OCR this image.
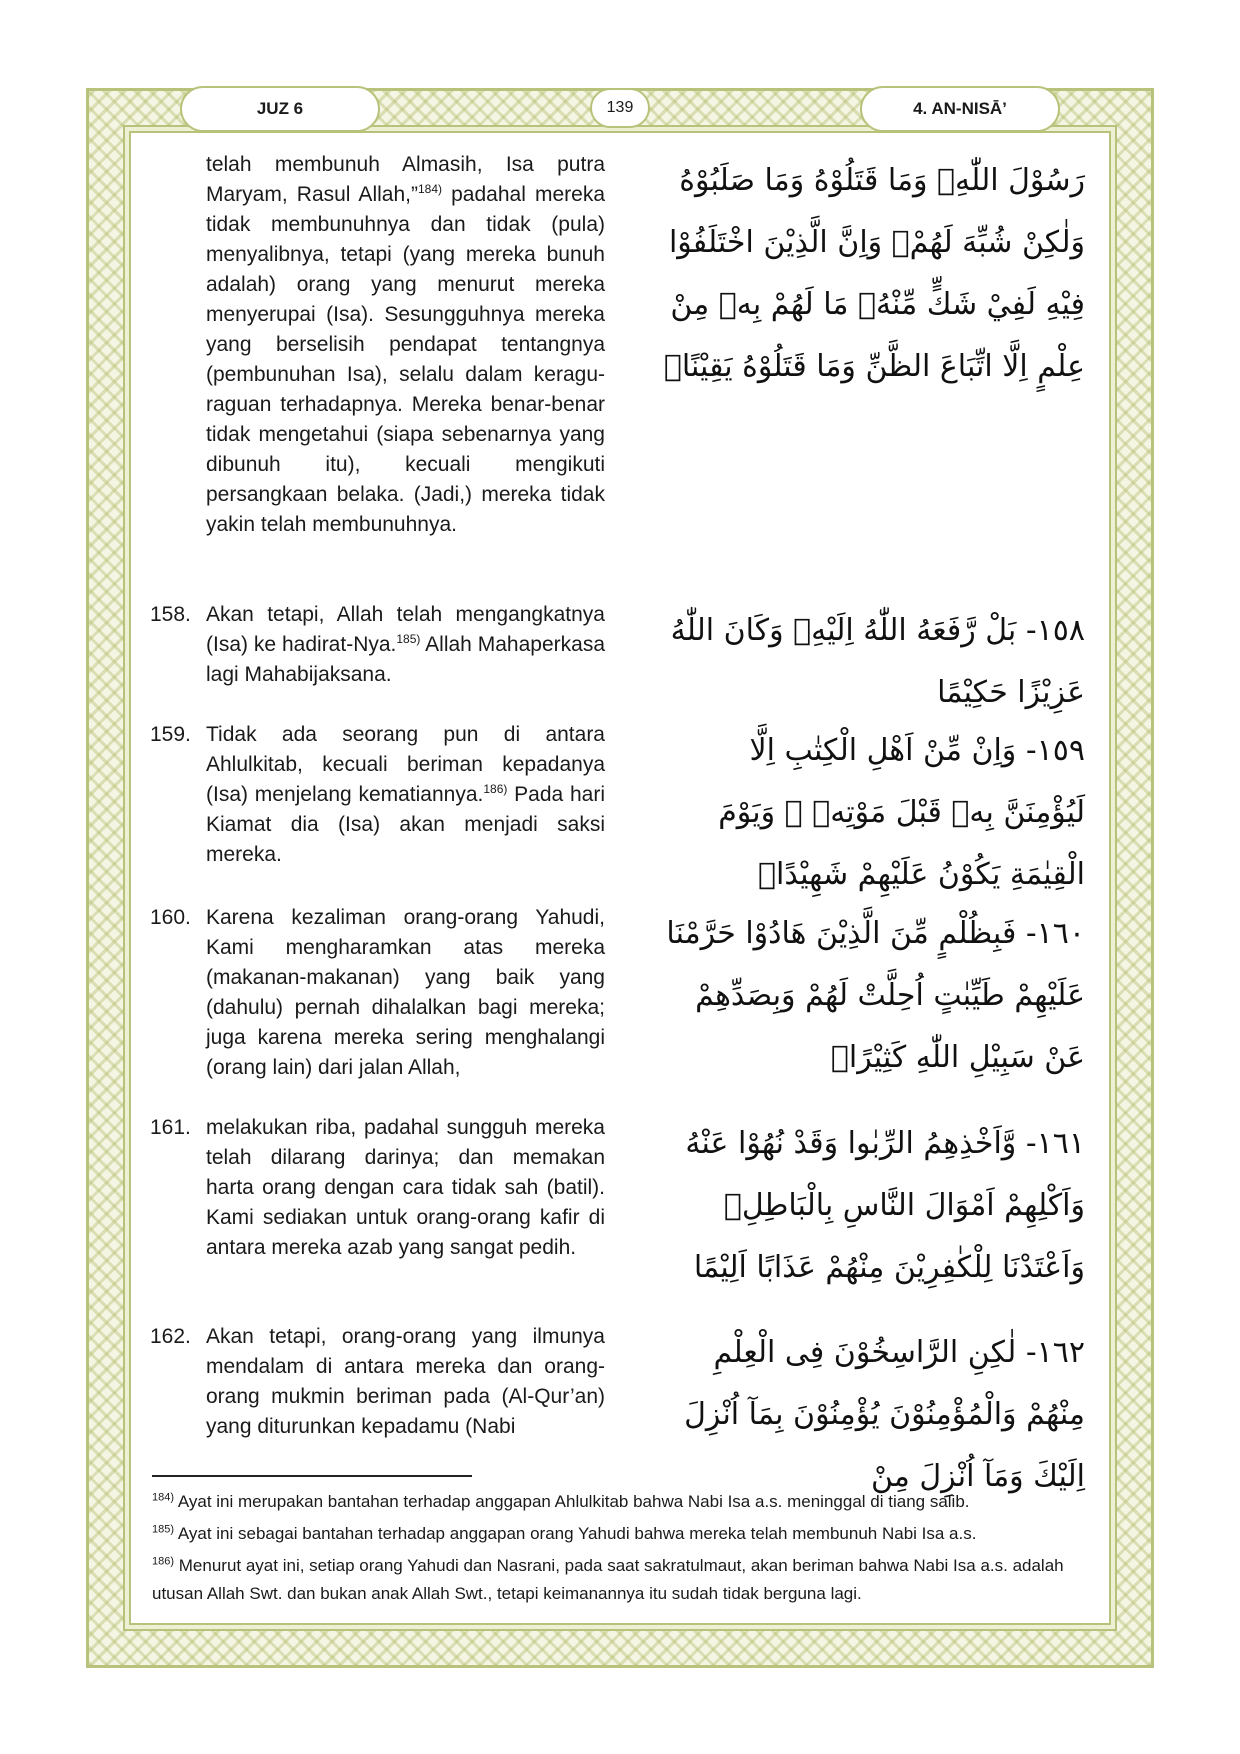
JUZ 6	139	4. AN-NISĀ’
telah membunuh Almasih, Isa putra Maryam, Rasul Allah,”$^{184)}$ padahal mereka tidak membunuhnya dan tidak (pula) menyalibnya, tetapi (yang mereka bunuh adalah) orang yang menurut mereka menyerupai (Isa). Sesungguhnya mereka yang berselisih pendapat tentangnya (pembunuhan Isa), selalu dalam keragu-raguan terhadapnya. Mereka benar-benar tidak mengetahui (siapa sebenarnya yang dibunuh itu), kecuali mengikuti persangkaan belaka. (Jadi,) mereka tidak yakin telah membunuhnya.
رَسُوْلَ اللّٰهِۚ وَمَا قَتَلُوْهُ وَمَا صَلَبُوْهُ وَلٰكِنْ شُبِّهَ لَهُمْۗ وَاِنَّ الَّذِيْنَ اخْتَلَفُوْا فِيْهِ لَفِيْ شَكٍّ مِّنْهُۗ مَا لَهُمْ بِهٖ مِنْ عِلْمٍ اِلَّا اتِّبَاعَ الظَّنِّ وَمَا قَتَلُوْهُ يَقِيْنًاۢ
158. Akan tetapi, Allah telah mengangkatnya (Isa) ke hadirat-Nya.$^{185)}$ Allah Mahaperkasa lagi Mahabijaksana.
١٥٨- بَلْ رَّفَعَهُ اللّٰهُ اِلَيْهِۗ وَكَانَ اللّٰهُ عَزِيْزًا حَكِيْمًا
159. Tidak ada seorang pun di antara Ahlulkitab, kecuali beriman kepadanya (Isa) menjelang kematiannya.$^{186)}$ Pada hari Kiamat dia (Isa) akan menjadi saksi mereka.
١٥٩- وَاِنْ مِّنْ اَهْلِ الْكِتٰبِ اِلَّا لَيُؤْمِنَنَّ بِهٖ قَبْلَ مَوْتِهٖ ۚ وَيَوْمَ الْقِيٰمَةِ يَكُوْنُ عَلَيْهِمْ شَهِيْدًاۚ
160. Karena kezaliman orang-orang Yahudi, Kami mengharamkan atas mereka (makanan-makanan) yang baik yang (dahulu) pernah dihalalkan bagi mereka; juga karena mereka sering menghalangi (orang lain) dari jalan Allah,
١٦٠- فَبِظُلْمٍ مِّنَ الَّذِيْنَ هَادُوْا حَرَّمْنَا عَلَيْهِمْ طَيِّبٰتٍ اُحِلَّتْ لَهُمْ وَبِصَدِّهِمْ عَنْ سَبِيْلِ اللّٰهِ كَثِيْرًاۙ
161. melakukan riba, padahal sungguh mereka telah dilarang darinya; dan memakan harta orang dengan cara tidak sah (batil). Kami sediakan untuk orang-orang kafir di antara mereka azab yang sangat pedih.
١٦١- وَّاَخْذِهِمُ الرِّبٰوا وَقَدْ نُهُوْا عَنْهُ وَاَكْلِهِمْ اَمْوَالَ النَّاسِ بِالْبَاطِلِۗ وَاَعْتَدْنَا لِلْكٰفِرِيْنَ مِنْهُمْ عَذَابًا اَلِيْمًا
162. Akan tetapi, orang-orang yang ilmunya mendalam di antara mereka dan orang-orang mukmin beriman pada (Al-Qur’an) yang diturunkan kepadamu (Nabi
١٦٢- لٰكِنِ الرَّاسِخُوْنَ فِى الْعِلْمِ مِنْهُمْ وَالْمُؤْمِنُوْنَ يُؤْمِنُوْنَ بِمَآ اُنْزِلَ اِلَيْكَ وَمَآ اُنْزِلَ مِنْ
$^{184)}$ Ayat ini merupakan bantahan terhadap anggapan Ahlulkitab bahwa Nabi Isa a.s. meninggal di tiang salib.
$^{185)}$ Ayat ini sebagai bantahan terhadap anggapan orang Yahudi bahwa mereka telah membunuh Nabi Isa a.s.
$^{186)}$ Menurut ayat ini, setiap orang Yahudi dan Nasrani, pada saat sakratulmaut, akan beriman bahwa Nabi Isa a.s. adalah utusan Allah Swt. dan bukan anak Allah Swt., tetapi keimanannya itu sudah tidak berguna lagi.
